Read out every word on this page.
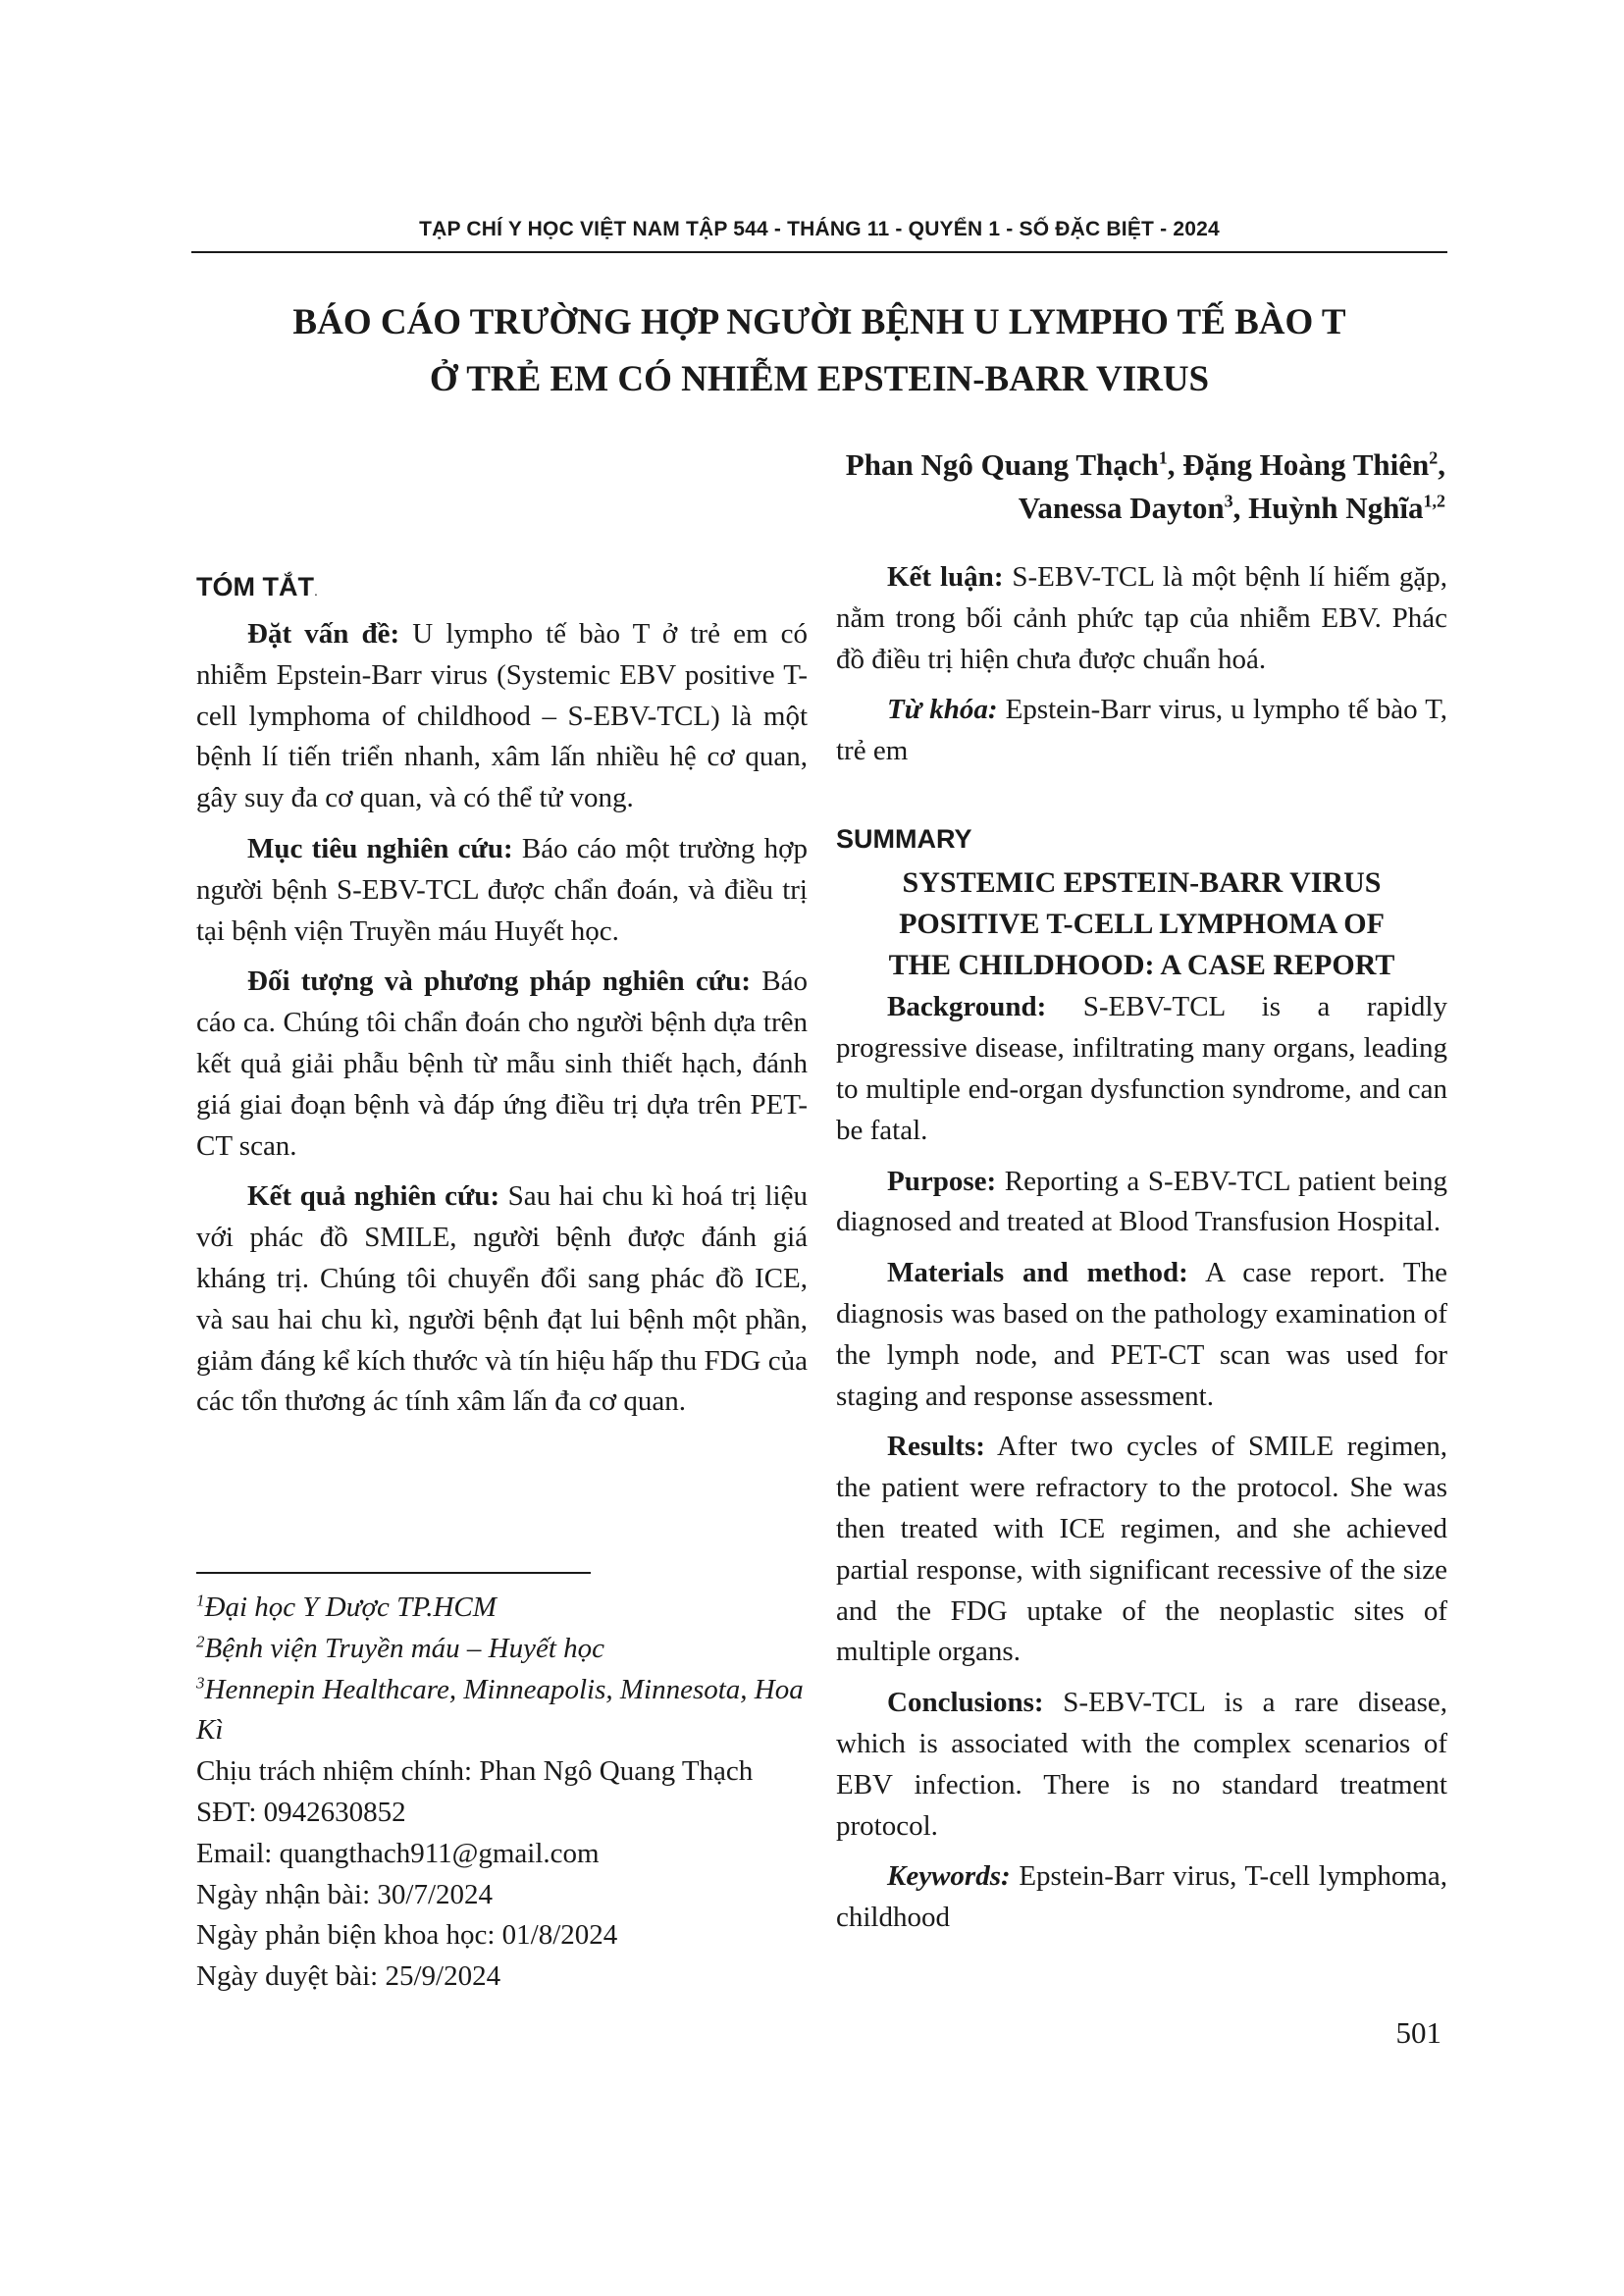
TẠP CHÍ Y HỌC VIỆT NAM TẬP 544 - THÁNG 11 - QUYỂN 1 - SỐ ĐẶC BIỆT - 2024
BÁO CÁO TRƯỜNG HỢP NGƯỜI BỆNH U LYMPHO TẾ BÀO T
Ở TRẺ EM CÓ NHIỄM EPSTEIN-BARR VIRUS
Phan Ngô Quang Thạch$^1$, Đặng Hoàng Thiên$^2$,
Vanessa Dayton$^3$, Huỳnh Nghĩa$^{1,2}$
TÓM TẮT.

Đặt vấn đề: U lympho tế bào T ở trẻ em có nhiễm Epstein-Barr virus (Systemic EBV positive T-cell lymphoma of childhood – S-EBV-TCL) là một bệnh lí tiến triển nhanh, xâm lấn nhiều hệ cơ quan, gây suy đa cơ quan, và có thể tử vong.

Mục tiêu nghiên cứu: Báo cáo một trường hợp người bệnh S-EBV-TCL được chẩn đoán, và điều trị tại bệnh viện Truyền máu Huyết học.

Đối tượng và phương pháp nghiên cứu: Báo cáo ca. Chúng tôi chẩn đoán cho người bệnh dựa trên kết quả giải phẫu bệnh từ mẫu sinh thiết hạch, đánh giá giai đoạn bệnh và đáp ứng điều trị dựa trên PET-CT scan.

Kết quả nghiên cứu: Sau hai chu kì hoá trị liệu với phác đồ SMILE, người bệnh được đánh giá kháng trị. Chúng tôi chuyển đổi sang phác đồ ICE, và sau hai chu kì, người bệnh đạt lui bệnh một phần, giảm đáng kể kích thước và tín hiệu hấp thu FDG của các tổn thương ác tính xâm lấn đa cơ quan.

Kết luận: S-EBV-TCL là một bệnh lí hiếm gặp, nằm trong bối cảnh phức tạp của nhiễm EBV. Phác đồ điều trị hiện chưa được chuẩn hoá.

Từ khóa: Epstein-Barr virus, u lympho tế bào T, trẻ em

SUMMARY
SYSTEMIC EPSTEIN-BARR VIRUS
POSITIVE T-CELL LYMPHOMA OF
THE CHILDHOOD: A CASE REPORT

Background: S-EBV-TCL is a rapidly progressive disease, infiltrating many organs, leading to multiple end-organ dysfunction syndrome, and can be fatal.

Purpose: Reporting a S-EBV-TCL patient being diagnosed and treated at Blood Transfusion Hospital.

Materials and method: A case report. The diagnosis was based on the pathology examination of the lymph node, and PET-CT scan was used for staging and response assessment.

Results: After two cycles of SMILE regimen, the patient were refractory to the protocol. She was then treated with ICE regimen, and she achieved partial response, with significant recessive of the size and the FDG uptake of the neoplastic sites of multiple organs.

Conclusions: S-EBV-TCL is a rare disease, which is associated with the complex scenarios of EBV infection. There is no standard treatment protocol.

Keywords: Epstein-Barr virus, T-cell lymphoma, childhood

$^1$Đại học Y Dược TP.HCM
$^2$Bệnh viện Truyền máu – Huyết học
$^3$Hennepin Healthcare, Minneapolis, Minnesota, Hoa Kì
Chịu trách nhiệm chính: Phan Ngô Quang Thạch
SĐT: 0942630852
Email: quangthach911@gmail.com
Ngày nhận bài: 30/7/2024
Ngày phản biện khoa học: 01/8/2024
Ngày duyệt bài: 25/9/2024
501
